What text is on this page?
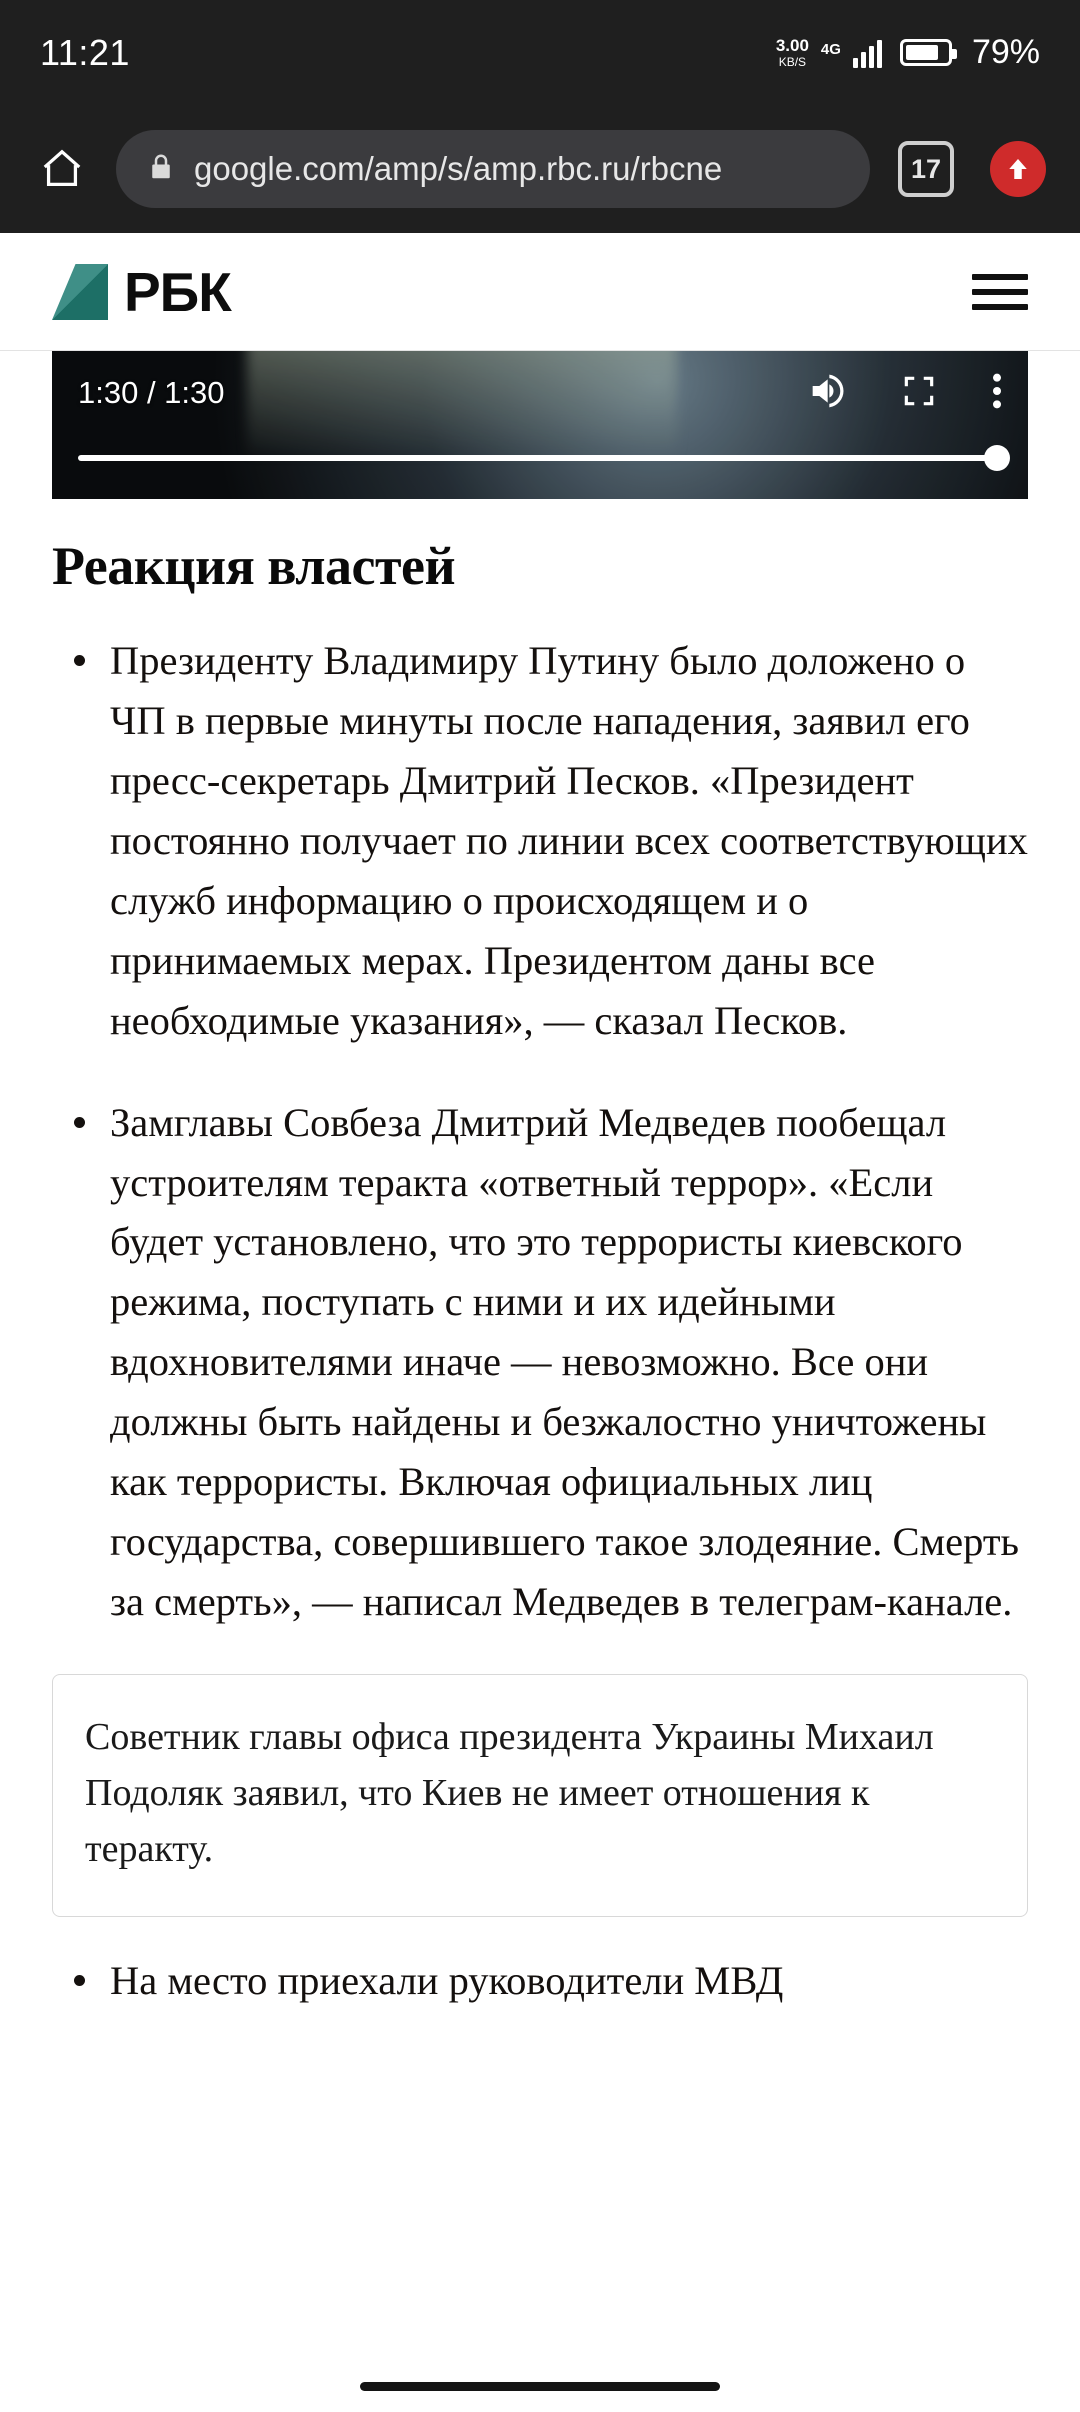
11:21	3.00
KB/S
4G	79%
google.com/amp/s/amp.rbc.ru/rbcne	17
РБК
1:30 / 1:30
Реакция властей
Президенту Владимиру Путину было доложено о ЧП в первые минуты после нападения, заявил его пресс-секретарь Дмитрий Песков. «Президент постоянно получает по линии всех соответствующих служб информацию о происходящем и о принимаемых мерах. Президентом даны все необходимые указания», — сказал Песков.
Замглавы Совбеза Дмитрий Медведев пообещал устроителям теракта «ответный террор». «Если будет установлено, что это террористы киевского режима, поступать с ними и их идейными вдохновителями иначе — невозможно. Все они должны быть найдены и безжалостно уничтожены как террористы. Включая официальных лиц государства, совершившего такое злодеяние. Смерть за смерть», — написал Медведев в телеграм-канале.
Советник главы офиса президента Украины Михаил Подоляк заявил, что Киев не имеет отношения к теракту.
На место приехали руководители МВД
